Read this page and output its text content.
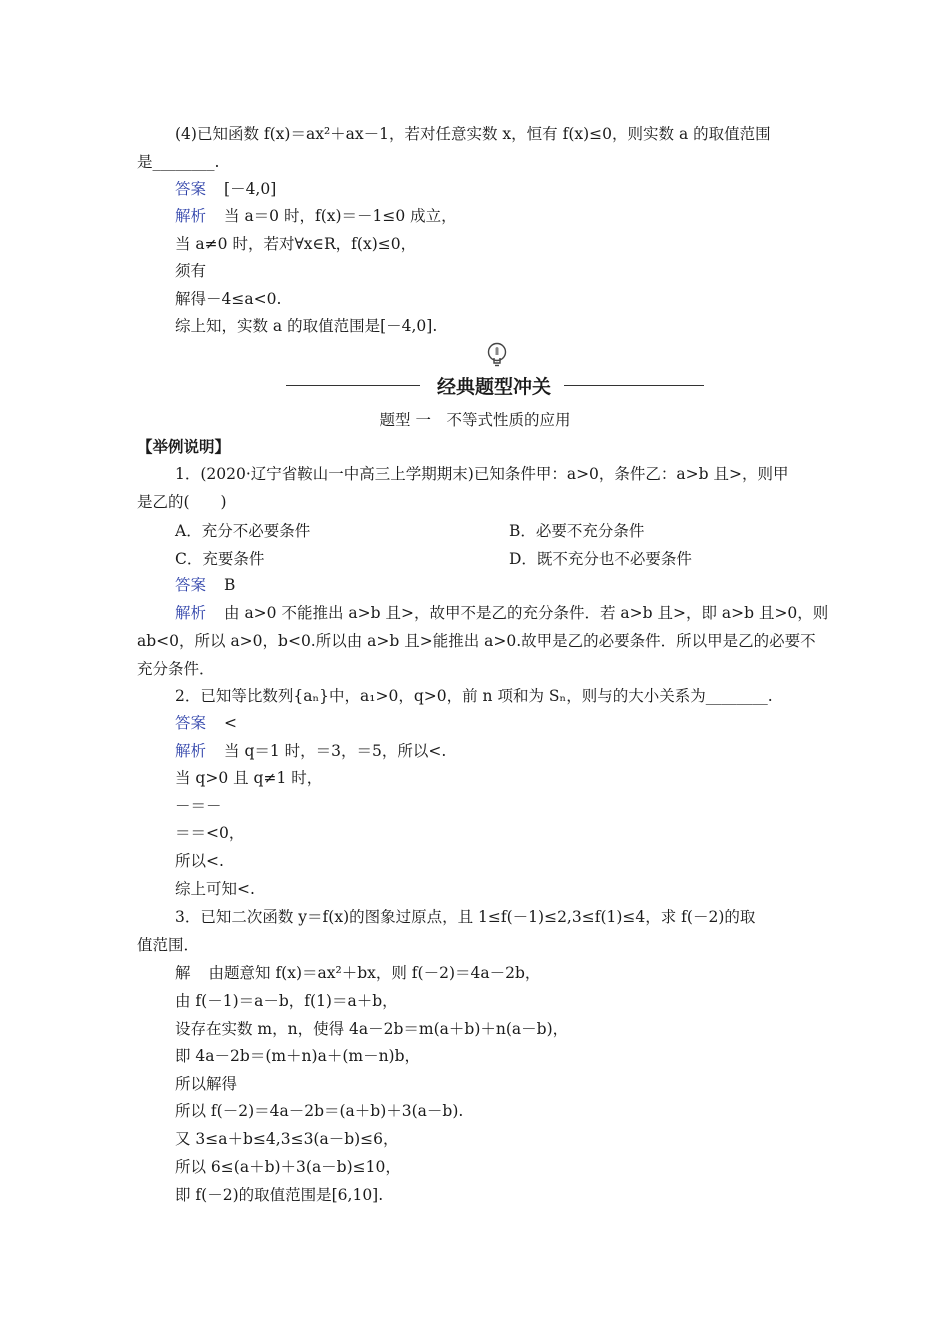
(4)已知函数 f(x)＝ax²＋ax－1，若对任意实数 x，恒有 f(x)≤0，则实数 a 的取值范围
是________.
答案 [－4,0]
解析 当 a＝0 时，f(x)＝－1≤0 成立，
当 a≠0 时，若对∀x∈R，f(x)≤0，
须有
解得－4≤a<0.
综上知，实数 a 的取值范围是[－4,0].
经典题型冲关
题型 一　不等式性质的应用
【举例说明】
1．(2020·辽宁省鞍山一中高三上学期期末)已知条件甲：a>0，条件乙：a>b 且>，则甲
是乙的(　　)
A．充分不必要条件	B．必要不充分条件
C．充要条件	D．既不充分也不必要条件
答案 B
解析 由 a>0 不能推出 a>b 且>，故甲不是乙的充分条件．若 a>b 且>，即 a>b 且>0，则
ab<0，所以 a>0，b<0.所以由 a>b 且>能推出 a>0.故甲是乙的必要条件．所以甲是乙的必要不
充分条件．
2．已知等比数列{aₙ}中，a₁>0，q>0，前 n 项和为 Sₙ，则与的大小关系为________.
答案 <
解析 当 q＝1 时，＝3，＝5，所以<.
当 q>0 且 q≠1 时，
－＝－
＝＝<0，
所以<.
综上可知<.
3．已知二次函数 y＝f(x)的图象过原点，且 1≤f(－1)≤2,3≤f(1)≤4，求 f(－2)的取
值范围．
解 由题意知 f(x)＝ax²＋bx，则 f(－2)＝4a－2b，
由 f(－1)＝a－b，f(1)＝a＋b，
设存在实数 m，n，使得 4a－2b＝m(a＋b)＋n(a－b)，
即 4a－2b＝(m＋n)a＋(m－n)b，
所以解得
所以 f(－2)＝4a－2b＝(a＋b)＋3(a－b).
又 3≤a＋b≤4,3≤3(a－b)≤6，
所以 6≤(a＋b)＋3(a－b)≤10，
即 f(－2)的取值范围是[6,10].
